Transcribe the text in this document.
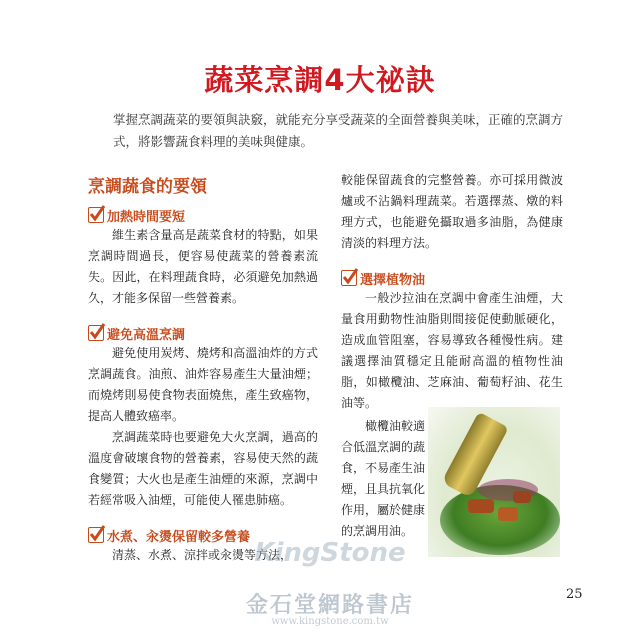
蔬菜烹調4大祕訣
掌握烹調蔬菜的要領與訣竅，就能充分享受蔬菜的全面營養與美味，正確的烹調方式，將影響蔬食料理的美味與健康。
烹調蔬食的要領
加熱時間要短
維生素含量高是蔬菜食材的特點，如果烹調時間過長，便容易使蔬菜的營養素流失。因此，在料理蔬食時，必須避免加熱過久，才能多保留一些營養素。
避免高溫烹調
避免使用炭烤、燒烤和高溫油炸的方式烹調蔬食。油煎、油炸容易產生大量油煙；而燒烤則易使食物表面燒焦，產生致癌物，提高人體致癌率。
烹調蔬菜時也要避免大火烹調，過高的溫度會破壞食物的營養素，容易使天然的蔬食變質；大火也是產生油煙的來源，烹調中若經常吸入油煙，可能使人罹患肺癌。
水煮、汆燙保留較多營養
清蒸、水煮、涼拌或汆燙等方法，
較能保留蔬食的完整營養。亦可採用微波爐或不沾鍋料理蔬菜。若選擇蒸、燉的料理方式，也能避免攝取過多油脂，為健康清淡的料理方法。
選擇植物油
一般沙拉油在烹調中會產生油煙，大量食用動物性油脂則間接促使動脈硬化，造成血管阻塞，容易導致各種慢性病。建議選擇油質穩定且能耐高溫的植物性油脂，如橄欖油、芝麻油、葡萄籽油、花生油等。
橄欖油較適
合低溫烹調的蔬
食，不易產生油
煙，且具抗氧化
作用，屬於健康
的烹調用油。
KingStone
金石堂網路書店
www.kingstone.com.tw
25
